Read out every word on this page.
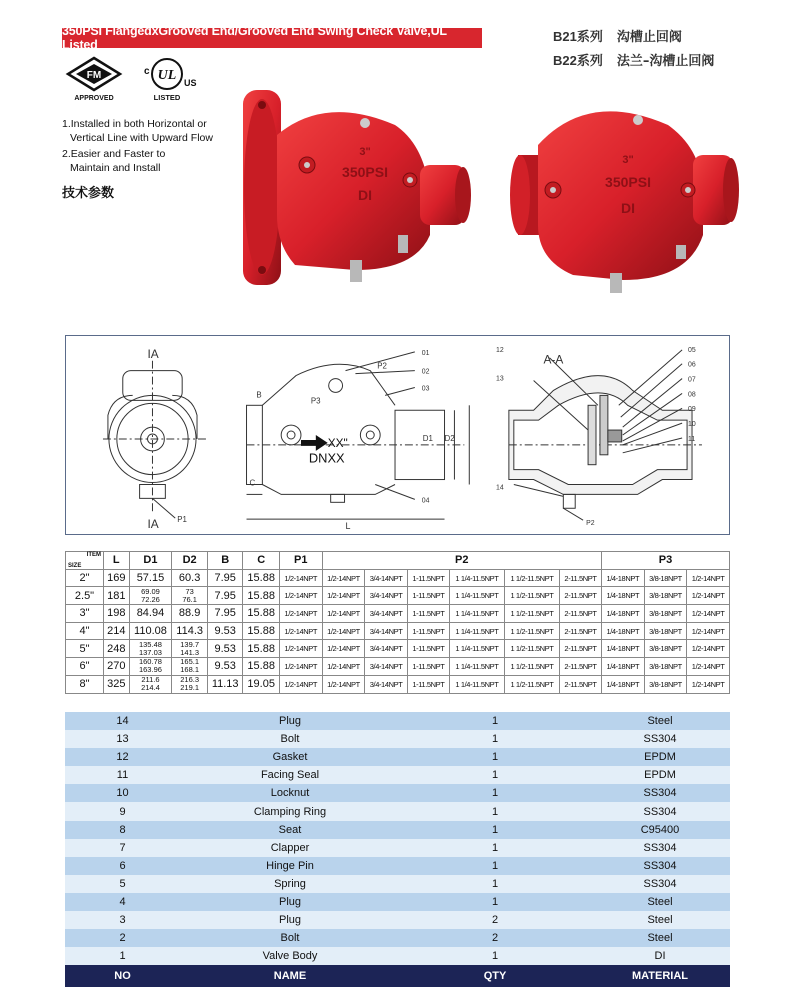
350PSI FlangedxGrooved End/Grooved End Swing Check Valve,UL Listed
B21系列 沟槽止回阀
B22系列 法兰–沟槽止回阀
FM
APPROVED
c UL US
LISTED
1.Installed in both Horizontal or
Vertical Line with Upward Flow
2.Easier and Faster to
Maintain and Install
技术参数
3"
350PSI
DI
3"
350PSI
DI
IA
IA P1
XX"
DNXX
L
C
B
P3
P2
D1 D2
01
02
03
04
A-A
12
13
14
P2
05
06
07
08
09
10
11
ITEM
SIZE	L	D1	D2	B	C	P1	P2						P3		
2"	169	57.15	60.3	7.95	15.88	1/2-14NPT	1/2-14NPT	3/4-14NPT	1-11.5NPT	1 1/4-11.5NPT	1 1/2-11.5NPT	2-11.5NPT	1/4-18NPT	3/8-18NPT	1/2-14NPT
2.5"	181	69.09
72.26	73
76.1	7.95	15.88	1/2-14NPT	1/2-14NPT	3/4-14NPT	1-11.5NPT	1 1/4-11.5NPT	1 1/2-11.5NPT	2-11.5NPT	1/4-18NPT	3/8-18NPT	1/2-14NPT
3"	198	84.94	88.9	7.95	15.88	1/2-14NPT	1/2-14NPT	3/4-14NPT	1-11.5NPT	1 1/4-11.5NPT	1 1/2-11.5NPT	2-11.5NPT	1/4-18NPT	3/8-18NPT	1/2-14NPT
4"	214	110.08	114.3	9.53	15.88	1/2-14NPT	1/2-14NPT	3/4-14NPT	1-11.5NPT	1 1/4-11.5NPT	1 1/2-11.5NPT	2-11.5NPT	1/4-18NPT	3/8-18NPT	1/2-14NPT
5"	248	135.48
137.03	139.7
141.3	9.53	15.88	1/2-14NPT	1/2-14NPT	3/4-14NPT	1-11.5NPT	1 1/4-11.5NPT	1 1/2-11.5NPT	2-11.5NPT	1/4-18NPT	3/8-18NPT	1/2-14NPT
6"	270	160.78
163.96	165.1
168.1	9.53	15.88	1/2-14NPT	1/2-14NPT	3/4-14NPT	1-11.5NPT	1 1/4-11.5NPT	1 1/2-11.5NPT	2-11.5NPT	1/4-18NPT	3/8-18NPT	1/2-14NPT
8"	325	211.6
214.4	216.3
219.1	11.13	19.05	1/2-14NPT	1/2-14NPT	3/4-14NPT	1-11.5NPT	1 1/4-11.5NPT	1 1/2-11.5NPT	2-11.5NPT	1/4-18NPT	3/8-18NPT	1/2-14NPT
14	Plug	1	Steel
13	Bolt	1	SS304
12	Gasket	1	EPDM
11	Facing Seal	1	EPDM
10	Locknut	1	SS304
9	Clamping Ring	1	SS304
8	Seat	1	C95400
7	Clapper	1	SS304
6	Hinge Pin	1	SS304
5	Spring	1	SS304
4	Plug	1	Steel
3	Plug	2	Steel
2	Bolt	2	Steel
1	Valve Body	1	DI
NO	NAME	QTY	MATERIAL
